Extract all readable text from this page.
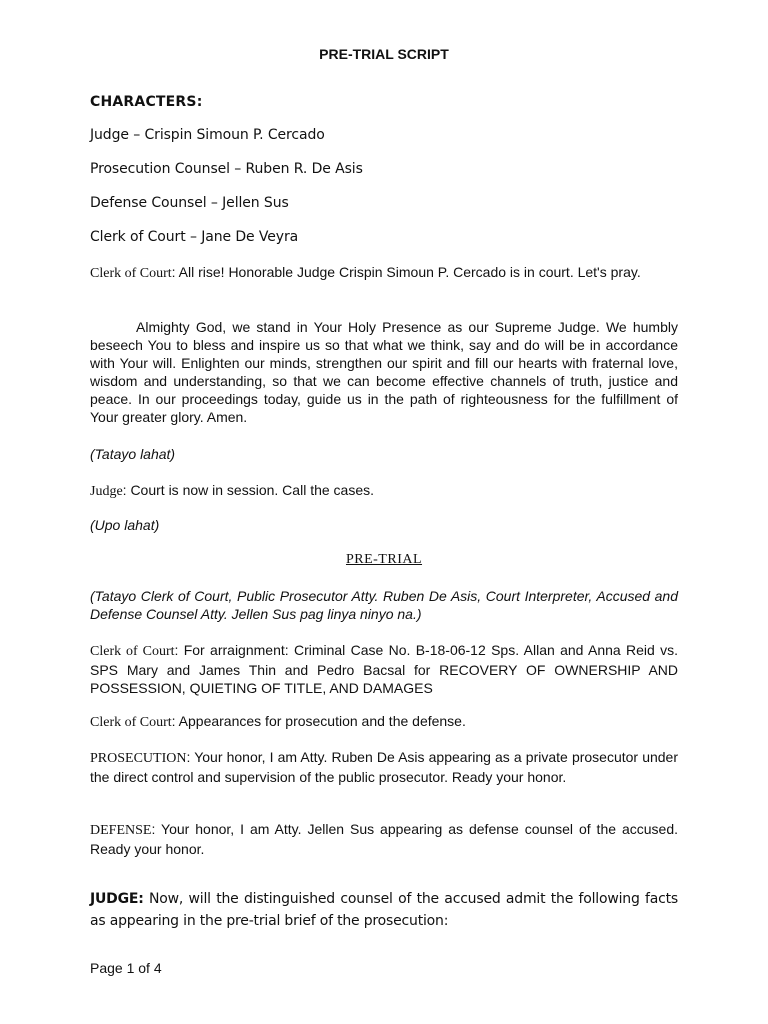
PRE-TRIAL SCRIPT
CHARACTERS:
Judge – Crispin Simoun P. Cercado
Prosecution Counsel – Ruben R. De Asis
Defense Counsel – Jellen Sus
Clerk of Court – Jane De Veyra
Clerk of Court: All rise! Honorable Judge Crispin Simoun P. Cercado is in court. Let's pray.
Almighty God, we stand in Your Holy Presence as our Supreme Judge. We humbly beseech You to bless and inspire us so that what we think, say and do will be in accordance with Your will. Enlighten our minds, strengthen our spirit and fill our hearts with fraternal love, wisdom and understanding, so that we can become effective channels of truth, justice and peace. In our proceedings today, guide us in the path of righteousness for the fulfillment of Your greater glory. Amen.
(Tatayo lahat)
Judge: Court is now in session. Call the cases.
(Upo lahat)
PRE-TRIAL
(Tatayo Clerk of Court, Public Prosecutor Atty. Ruben De Asis, Court Interpreter, Accused and Defense Counsel Atty. Jellen Sus pag linya ninyo na.)
Clerk of Court: For arraignment: Criminal Case No. B-18-06-12 Sps. Allan and Anna Reid vs. SPS Mary and James Thin and Pedro Bacsal for RECOVERY OF OWNERSHIP AND POSSESSION, QUIETING OF TITLE, AND DAMAGES
Clerk of Court: Appearances for prosecution and the defense.
PROSECUTION: Your honor, I am Atty. Ruben De Asis appearing as a private prosecutor under the direct control and supervision of the public prosecutor. Ready your honor.
DEFENSE: Your honor, I am Atty. Jellen Sus appearing as defense counsel of the accused. Ready your honor.
JUDGE: Now, will the distinguished counsel of the accused admit the following facts as appearing in the pre-trial brief of the prosecution:
Page 1 of 4
